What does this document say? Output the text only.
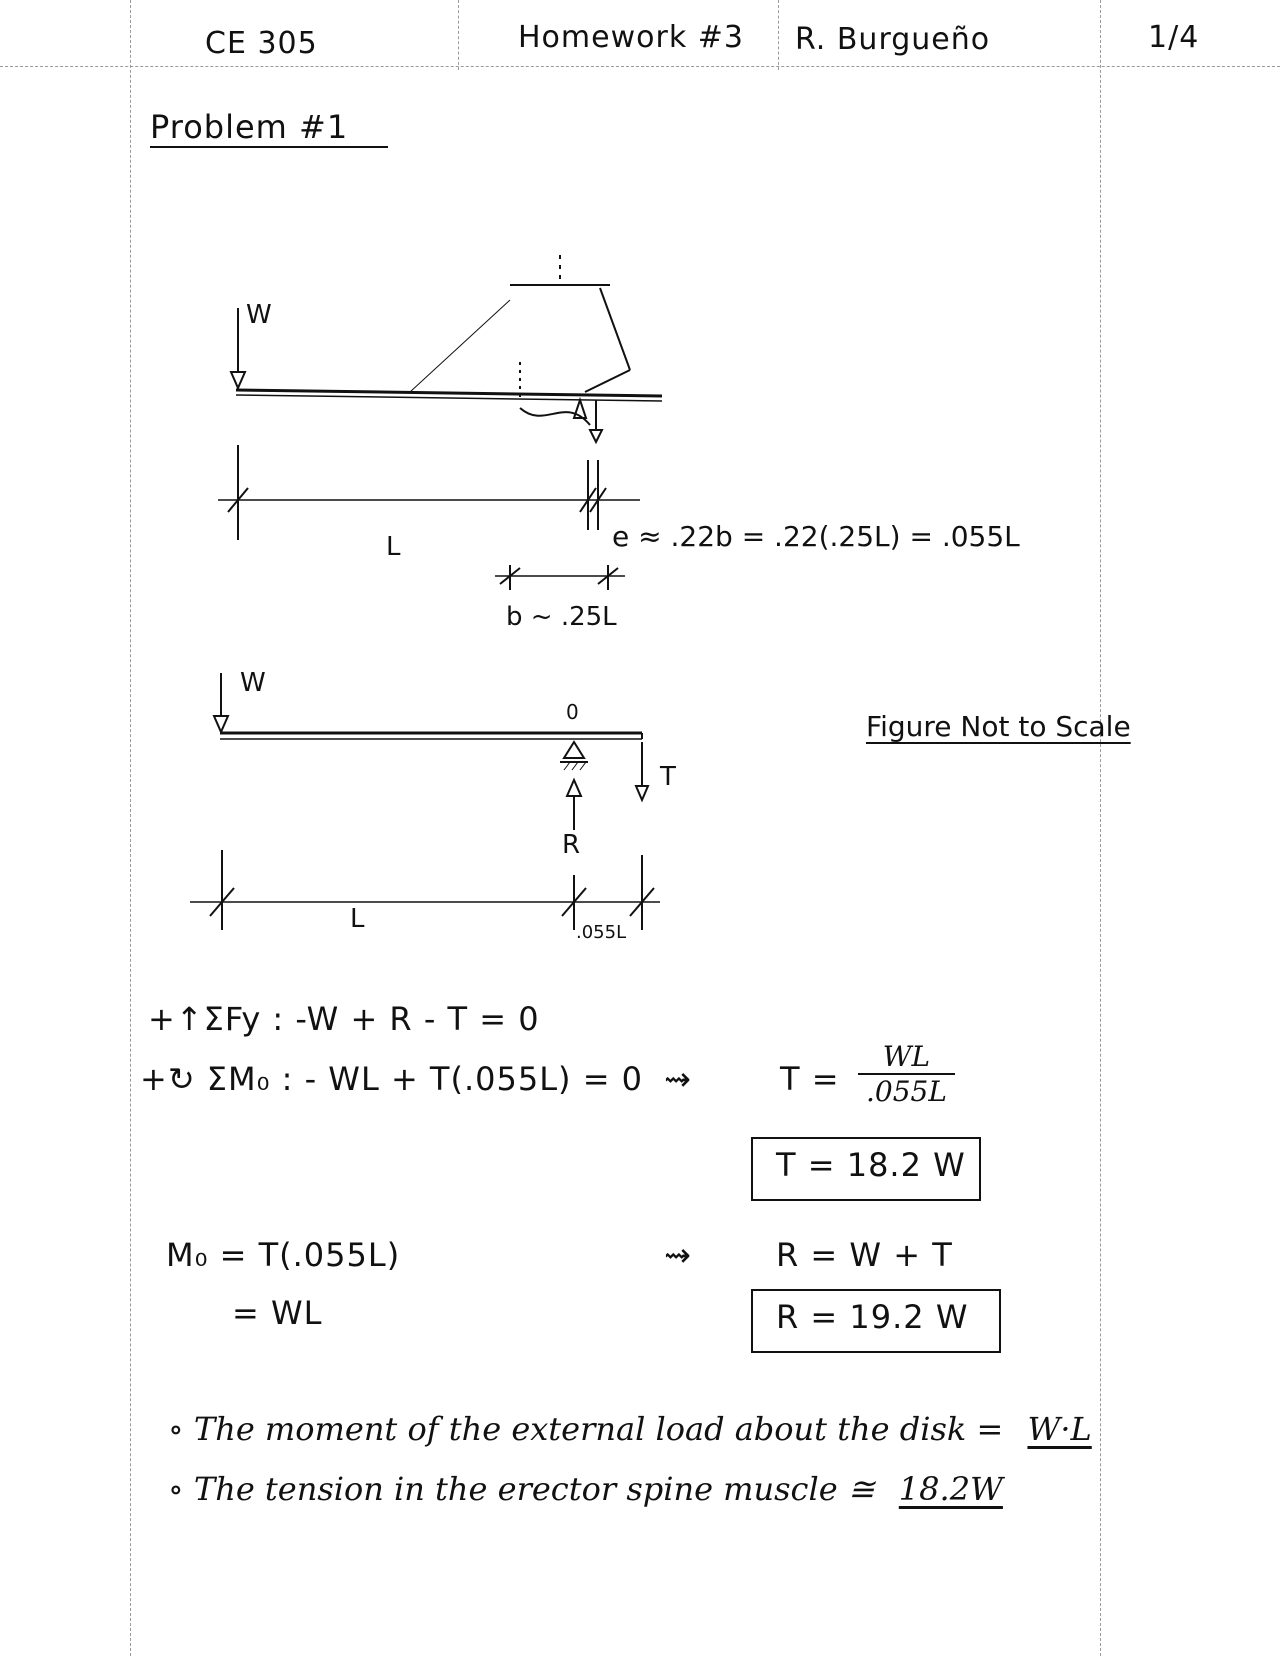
CE 305	Homework #3 R. Burgueño	1/4
Problem #1
W
L	e ≈ .22b = .22(.25L) = .055L
b ~ .25L
W
0
T
R
L	.055L
Figure Not to Scale
+↑ΣFy : -W + R - T = 0
+↻ ΣM₀ : - WL + T(.055L) = 0 ⇝	$T = \frac{WL}{.055L}$
T = 18.2 W
M₀ = T(.055L)
= WL
⇝	R = W + T
R = 19.2 W
∘ The moment of the external load about the disk = W·L
∘ The tension in the erector spine muscle ≅ 18.2W
